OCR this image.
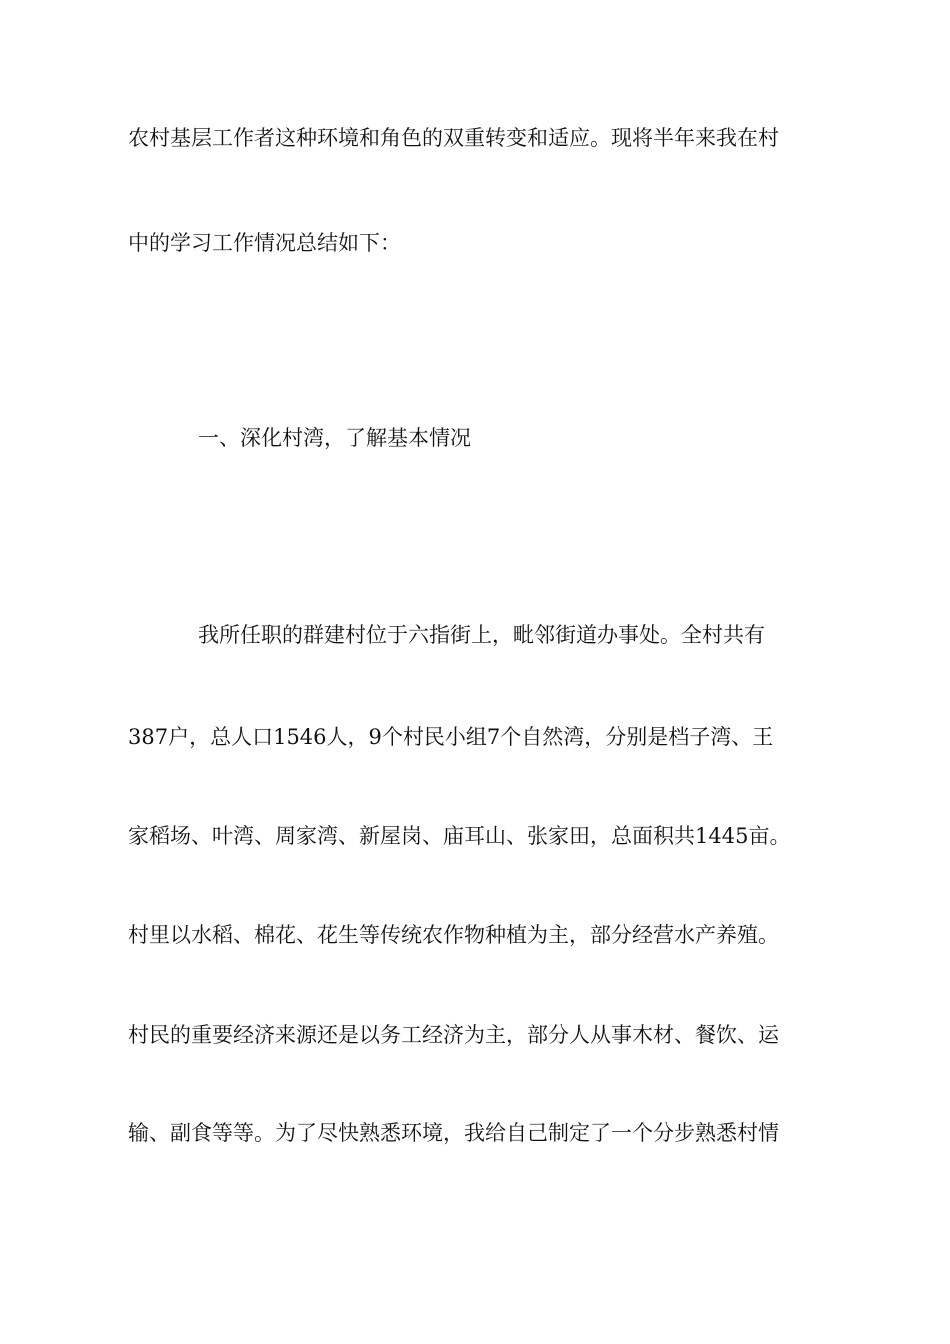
农村基层工作者这种环境和角色的双重转变和适应。现将半年来我在村
中的学习工作情况总结如下：
一、深化村湾，了解基本情况
我所任职的群建村位于六指街上，毗邻街道办事处。全村共有
387户，总人口1546人，9个村民小组7个自然湾，分别是档子湾、王
家稻场、叶湾、周家湾、新屋岗、庙耳山、张家田，总面积共1445亩。
村里以水稻、棉花、花生等传统农作物种植为主，部分经营水产养殖。
村民的重要经济来源还是以务工经济为主，部分人从事木材、餐饮、运
输、副食等等。为了尽快熟悉环境，我给自己制定了一个分步熟悉村情
